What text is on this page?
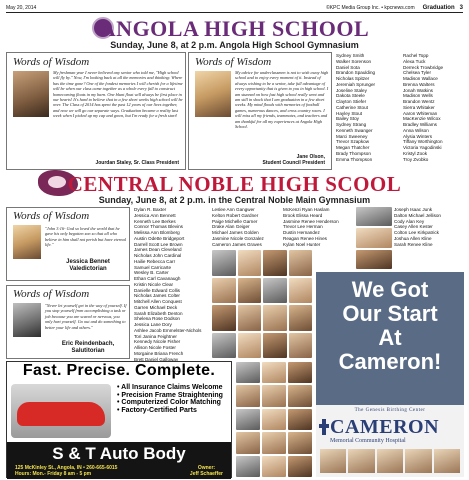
May 20, 2014	©KPC Media Group Inc. • kpcnews.com	Graduation 3
ANGOLA HIGH SCHOOL
Sunday, June 8, at 2 p.m. Angola High School Gymnasium
Words of Wisdom
My freshman year I never believed any senior who told me, "High school will fly by." Now, I'm looking back at all the memories and thinking: Where has the time gone? One of the fondest memories I will cherish for a lifetime will be when our class came together as a whole every fall to construct homecoming floats in my barn. One blunt float will always be first place in our hearts! It's hard to believe that in a few short weeks high school will be over. The Class of 2014 has spent the past 12 years of our lives together, and now we will go our separate ways. Graduation became a reality last week when I picked up my cap and gown, but I'm ready for a fresh start!
Jourdan Staley, Sr. Class President
Words of Wisdom
My advice for underclassmen is not to wish away high school and to enjoy every moment of it. Instead of always wishing to be a senior, take full advantage of every opportunity that is given to you in high school. I am stunned on how fast high school really went and am still in shock that I am graduation in a few short weeks. My mind floods with memories of football games, numerous dances, and cross country races. I will miss all my friends, teammates, and teachers and am thankful for all my experiences at Angola High School.
Jane Olson,
Student Council President
Sydney Smith
Walker Sorenson
Daniel Sota
Brandon Spaulding
Nicholas Spitzer
Jeremiah Sprunger
Joseline Staley
Dakota Steele
Clayton Stiefer
Catherine Stout
Hayley Stout
Bailey Stoy
Sydney Strang
Kenneth Swanger
Marci Sweeney
Trevor Szapkow
Megan Thatcher
Brady Thompson
Emma Thompson
Rachel Topp
Alexa Tuck
Derreck Trowbridge
Chelsea Tyler
Madison Wallace
Brenna Walters
Jonah Watkins
Madison Wells
Brandon Wentz
Sierra Whitaker
Aaron Whiteman
MacKenzie Wilcox
Bradley Williams
Anna Wilson
Alysia Winters
Tiffany Worthington
Victoria Yagodinski
Kristyl Zook
Troy Zvobko
CENTRAL NOBLE HIGH SCOOL
Sunday, June 8, at 2 p.m. in the Central Noble Main Gymnasium
Words of Wisdom
"John 3:16- God so loved the world that he gave his only begotten son so that all who believe in him shall not perish but have eternal life."
Jessica Bennet
Valedictorian
Words of Wisdom
"Never let yourself get in the way of yourself. If you stop yourself from accomplishing a task or job because you are scared or nervous, you only hurt yourself. Go out and do something to better your life and others."
Eric Reindenbach,
Salutitorian
Dylan R. Baxter
Jessica Ann Bennett
Kenneth Lee Berkes
Connor Thomas Blevins
Melissa Ann Blomberg
Austin Odette Bridgeport
Darrell Scott Lee Brown
James Dean Cleveland
Nicholas John Cardinal
Hailie Rebecca Carr
Samuel Carricarte
Wesley B. Carter
Ethan Carl Cavanaugh
Kristin Nicole Clear
Danielle Edward Collis
Nicholas James Colter
Mitchell Allen Conquest
Garren Michael Deck
Sarah Elizabeth Denton
Shelena Rose Dodson
Jessica Lane Dory
Ashlee Jacob Emmelster-Nichols
Tori Janina Feightner
Kennedy Nicole Fisher
Allison Nicole Foster
Morgaine Briana French
Brett Daniel Galloway
Leslee Ann Gangwer
Kelton Robert Gardner
Paige Michelle Garner
Drake Alan Geiger
Michael James Golden
Jasmine Nicole Gonzalez
Cameron James Graves
McKenzi Ryan Haslam
Brook Elissa Heard
Jasmine Renee Henderson
Trevor Lee Herman
Dustin Hernandez
Reagan Renee Hines
Kylan Noel Hunter
Joseph Isaac Junk
Dalton Michael Jellison
Cody Alan Key
Casey Allen Kester
Colton Lee Kirkpatrick
Joshua Allen Kline
Sarah Renee Kline
Fast. Precise. Complete.
• All Insurance Claims Welcome
• Precision Frame Straightening
• Computerized Color Matching
• Factory-Certified Parts
S & T Auto Body
125 McKinley St., Angola, IN • 260-665-6015
Hours: Mon.- Friday 8 am - 5 pm
Owner:
Jeff Schaeffer
We Got
Our Start
At
Cameron!
The Genesis Birthing Center
CAMERON
Memorial Community Hospital
